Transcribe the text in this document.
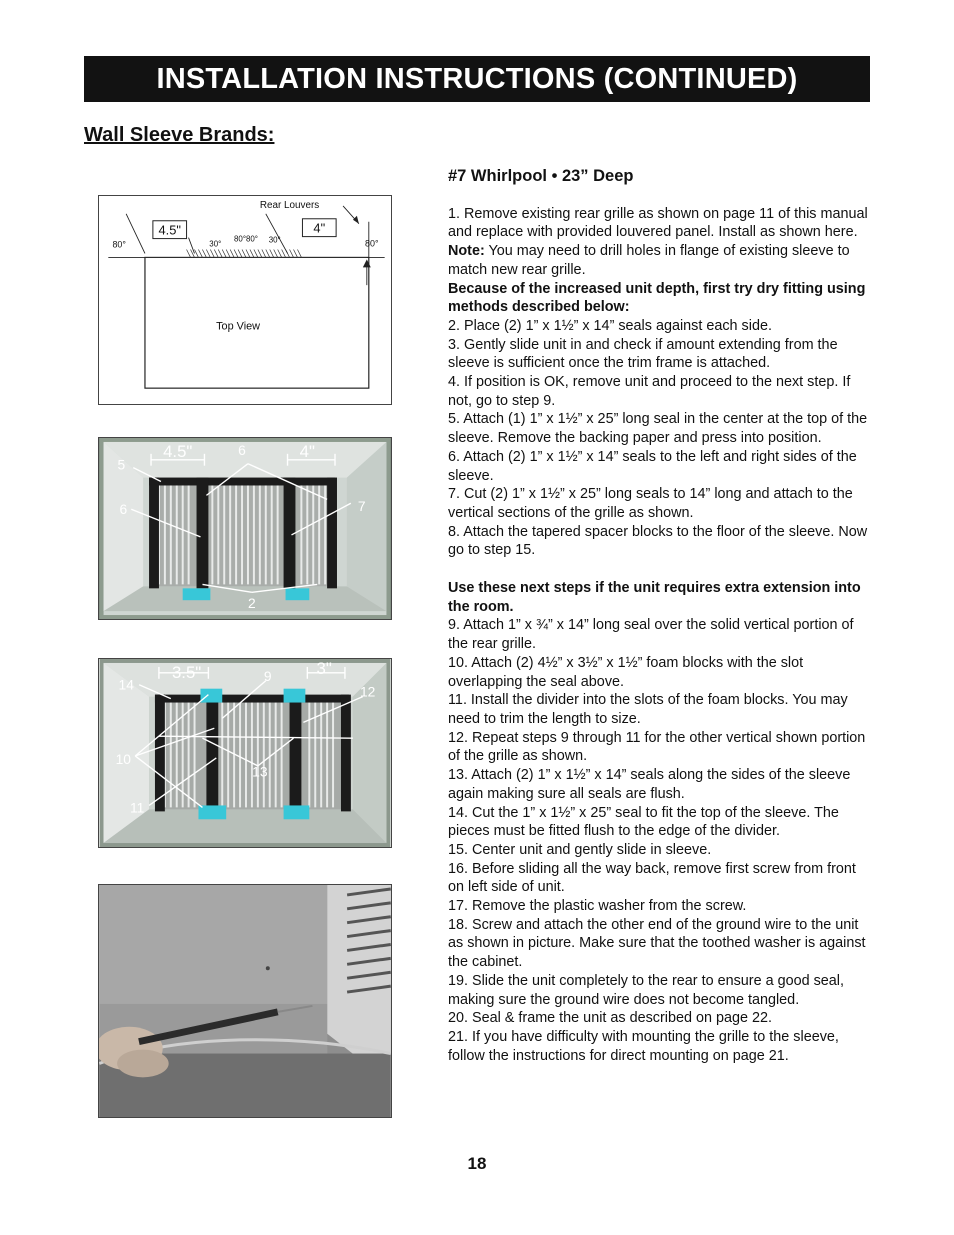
INSTALLATION INSTRUCTIONS (CONTINUED)
Wall Sleeve Brands:
4.5"	4"
Rear Louvers
80°	30°
80°80° 30°	80°
Top View
4.5"	4"
5
6
6	7
2
3.5"	3"
14
9
12
10
13
11
#7 Whirlpool • 23” Deep

1. Remove existing rear grille as shown on page 11 of this manual and replace with provided louvered panel. Install as shown here.

Note: You may need to drill holes in flange of existing sleeve to match new rear grille.

Because of the increased unit depth, first try dry fitting using methods described below:

2. Place (2) 1” x 1½” x 14” seals against each side.

3. Gently slide unit in and check if amount extending from the sleeve is sufficient once the trim frame is attached.

4. If position is OK, remove unit and proceed to the next step. If not, go to step 9.

5. Attach (1) 1” x 1½” x 25” long seal in the center at the top of the sleeve. Remove the backing paper and press into position.

6. Attach (2) 1” x 1½” x 14” seals to the left and right sides of the sleeve.

7. Cut (2) 1” x 1½” x 25” long seals to 14” long and attach to the vertical sections of the grille as shown.

8. Attach the tapered spacer blocks to the floor of the sleeve. Now go to step 15.

Use these next steps if the unit requires extra extension into the room.

9. Attach 1” x ¾” x 14” long seal over the solid vertical portion of the rear grille.

10. Attach (2) 4½” x 3½” x 1½” foam blocks with the slot overlapping the seal above.

11. Install the divider into the slots of the foam blocks. You may need to trim the length to size.

12. Repeat steps 9 through 11 for the other vertical shown portion of the grille as shown.

13. Attach (2) 1” x 1½” x 14” seals along the sides of the sleeve again making sure all seals are flush.

14. Cut the 1” x 1½” x 25” seal to fit the top of the sleeve. The pieces must be fitted flush to the edge of the divider.

15. Center unit and gently slide in sleeve.

16. Before sliding all the way back, remove first screw from front on left side of unit.

17. Remove the plastic washer from the screw.

18. Screw and attach the other end of the ground wire to the unit as shown in picture. Make sure that the toothed washer is against the cabinet.

19. Slide the unit completely to the rear to ensure a good seal, making sure the ground wire does not become tangled.

20. Seal & frame the unit as described on page 22.

21. If you have difficulty with mounting the grille to the sleeve, follow the instructions for direct mounting on page 21.

18
